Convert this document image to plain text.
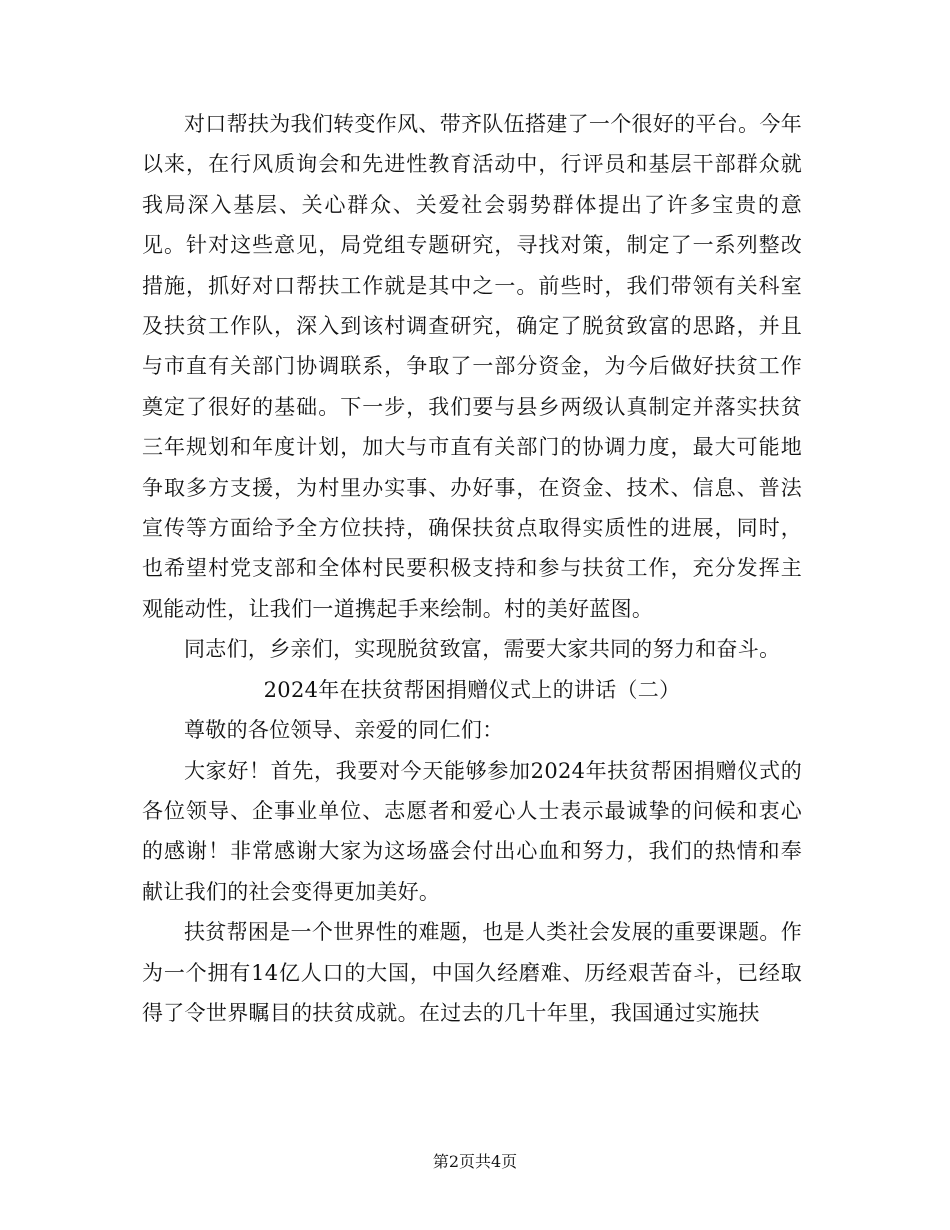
对口帮扶为我们转变作风、带齐队伍搭建了一个很好的平台。今年以来，在行风质询会和先进性教育活动中，行评员和基层干部群众就我局深入基层、关心群众、关爱社会弱势群体提出了许多宝贵的意见。针对这些意见，局党组专题研究，寻找对策，制定了一系列整改措施，抓好对口帮扶工作就是其中之一。前些时，我们带领有关科室及扶贫工作队，深入到该村调查研究，确定了脱贫致富的思路，并且与市直有关部门协调联系，争取了一部分资金，为今后做好扶贫工作奠定了很好的基础。下一步，我们要与县乡两级认真制定并落实扶贫三年规划和年度计划，加大与市直有关部门的协调力度，最大可能地争取多方支援，为村里办实事、办好事，在资金、技术、信息、普法宣传等方面给予全方位扶持，确保扶贫点取得实质性的进展，同时，也希望村党支部和全体村民要积极支持和参与扶贫工作，充分发挥主观能动性，让我们一道携起手来绘制。村的美好蓝图。

同志们，乡亲们，实现脱贫致富，需要大家共同的努力和奋斗。

2024年在扶贫帮困捐赠仪式上的讲话（二）

尊敬的各位领导、亲爱的同仁们：

大家好！首先，我要对今天能够参加2024年扶贫帮困捐赠仪式的各位领导、企事业单位、志愿者和爱心人士表示最诚挚的问候和衷心的感谢！非常感谢大家为这场盛会付出心血和努力，我们的热情和奉献让我们的社会变得更加美好。

扶贫帮困是一个世界性的难题，也是人类社会发展的重要课题。作为一个拥有14亿人口的大国，中国久经磨难、历经艰苦奋斗，已经取得了令世界瞩目的扶贫成就。在过去的几十年里，我国通过实施扶

第2页共4页
